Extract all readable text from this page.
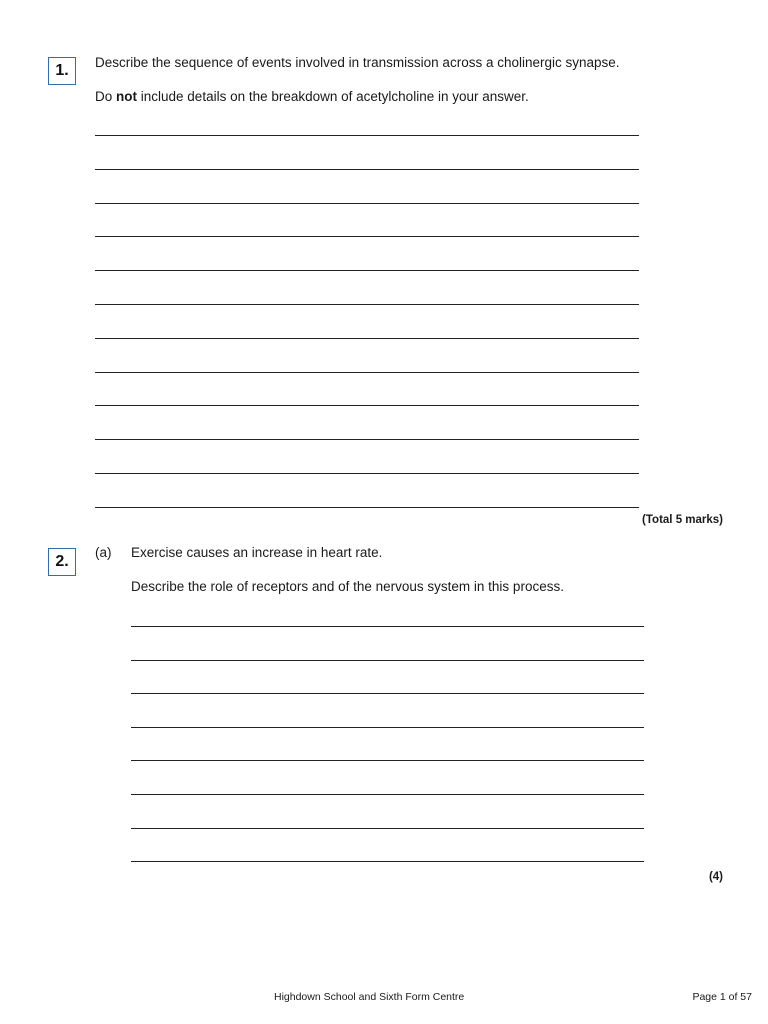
1. Describe the sequence of events involved in transmission across a cholinergic synapse.
Do not include details on the breakdown of acetylcholine in your answer.
(Total 5 marks)
2.
(a) Exercise causes an increase in heart rate.
Describe the role of receptors and of the nervous system in this process.
(4)
Highdown School and Sixth Form Centre	Page 1 of 57
